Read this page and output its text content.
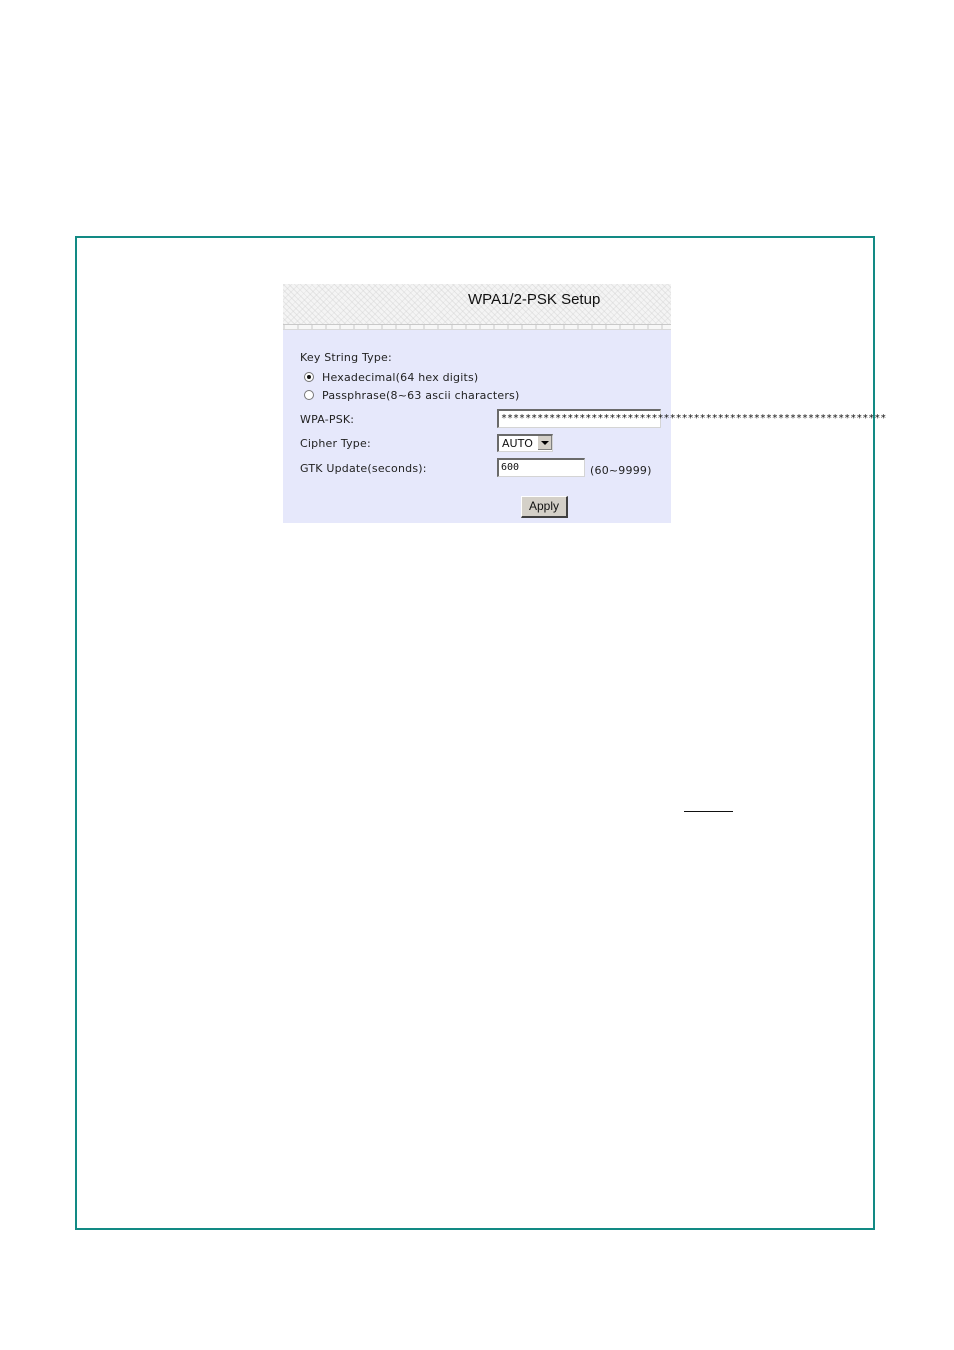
WPA1/2-PSK Setup
Key String Type:
Hexadecimal(64 hex digits)
Passphrase(8~63 ascii characters)
WPA-PSK:	****************************************************************
Cipher Type:	AUTO
GTK Update(seconds):	600	(60~9999)
Apply
